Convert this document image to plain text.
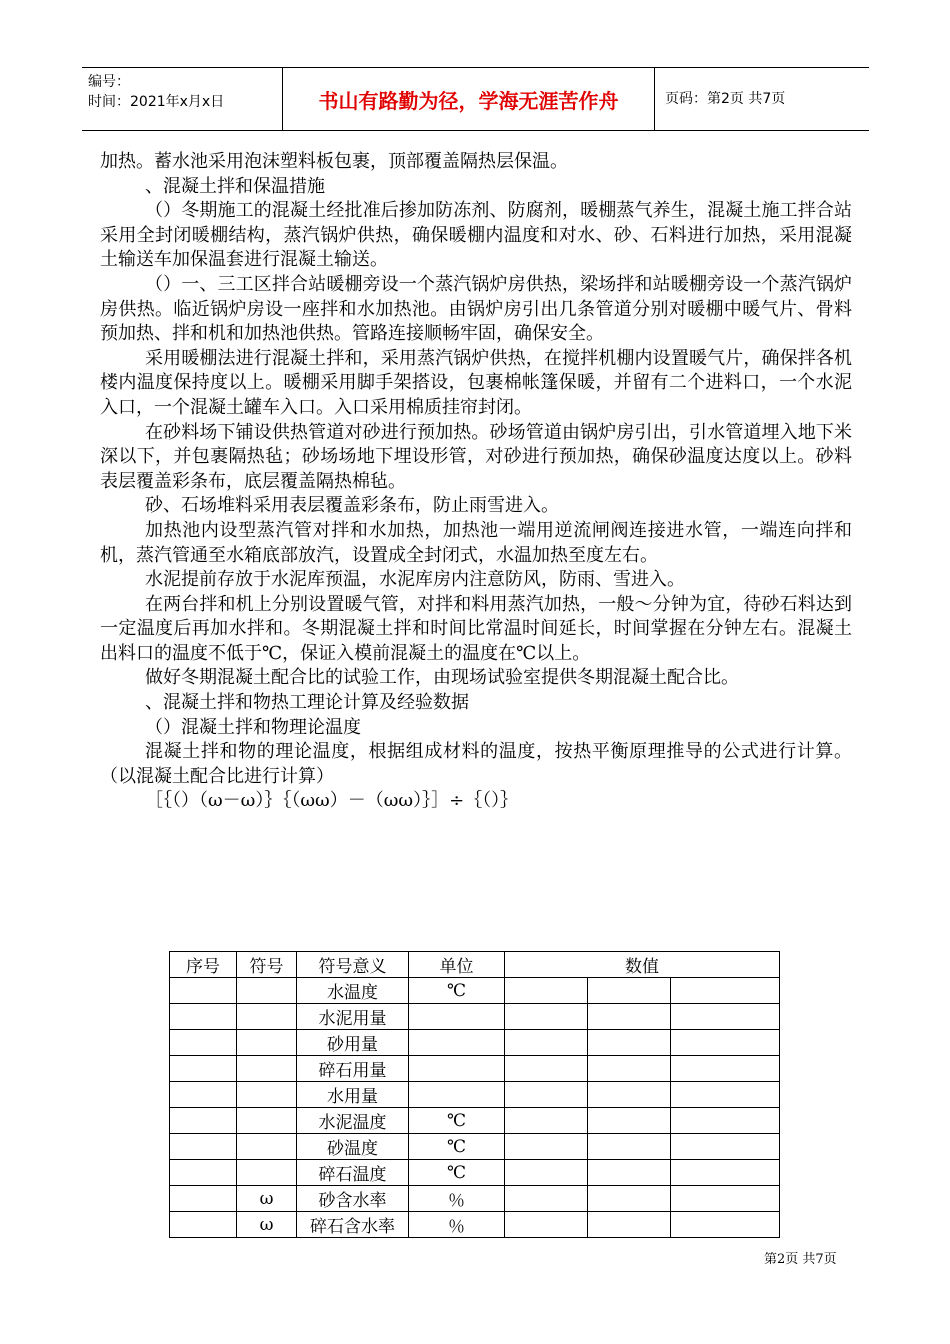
编号：
时间：2021年x月x日	书山有路勤为径，学海无涯苦作舟	页码：第2页 共7页

加热。蓄水池采用泡沫塑料板包裹，顶部覆盖隔热层保温。

、混凝土拌和保温措施

（）冬期施工的混凝土经批准后掺加防冻剂、防腐剂，暖棚蒸气养生，混凝土施工拌合站采用全封闭暖棚结构，蒸汽锅炉供热，确保暖棚内温度和对水、砂、石料进行加热，采用混凝土输送车加保温套进行混凝土输送。

（）一、三工区拌合站暖棚旁设一个蒸汽锅炉房供热，梁场拌和站暖棚旁设一个蒸汽锅炉房供热。临近锅炉房设一座拌和水加热池。由锅炉房引出几条管道分别对暖棚中暖气片、骨料预加热、拌和机和加热池供热。管路连接顺畅牢固，确保安全。

采用暖棚法进行混凝土拌和，采用蒸汽锅炉供热，在搅拌机棚内设置暖气片，确保拌各机楼内温度保持度以上。暖棚采用脚手架搭设，包裹棉帐篷保暖，并留有二个进料口，一个水泥入口，一个混凝土罐车入口。入口采用棉质挂帘封闭。

在砂料场下铺设供热管道对砂进行预加热。砂场管道由锅炉房引出，引水管道埋入地下米深以下，并包裹隔热毡；砂场场地下埋设形管，对砂进行预加热，确保砂温度达度以上。砂料表层覆盖彩条布，底层覆盖隔热棉毡。

砂、石场堆料采用表层覆盖彩条布，防止雨雪进入。

加热池内设型蒸汽管对拌和水加热，加热池一端用逆流闸阀连接进水管，一端连向拌和机，蒸汽管通至水箱底部放汽，设置成全封闭式，水温加热至度左右。

水泥提前存放于水泥库预温，水泥库房内注意防风，防雨、雪进入。

在两台拌和机上分别设置暖气管，对拌和料用蒸汽加热，一般～分钟为宜，待砂石料达到一定温度后再加水拌和。冬期混凝土拌和时间比常温时间延长，时间掌握在分钟左右。混凝土出料口的温度不低于℃，保证入模前混凝土的温度在℃以上。

做好冬期混凝土配合比的试验工作，由现场试验室提供冬期混凝土配合比。

、混凝土拌和物热工理论计算及经验数据

（）混凝土拌和物理论温度

混凝土拌和物的理论温度，根据组成材料的温度，按热平衡原理推导的公式进行计算。（以混凝土配合比进行计算）

［｛（）（ω－ω）｝｛（ωω）－（ωω）｝］÷｛（）｝

序号	符号	符号意义	单位	数值		
		水温度	℃			
		水泥用量				
		砂用量				
		碎石用量				
		水用量				
		水泥温度	℃			
		砂温度	℃			
		碎石温度	℃			
	ω	砂含水率	％			
	ω	碎石含水率	％			
第2页 共7页
